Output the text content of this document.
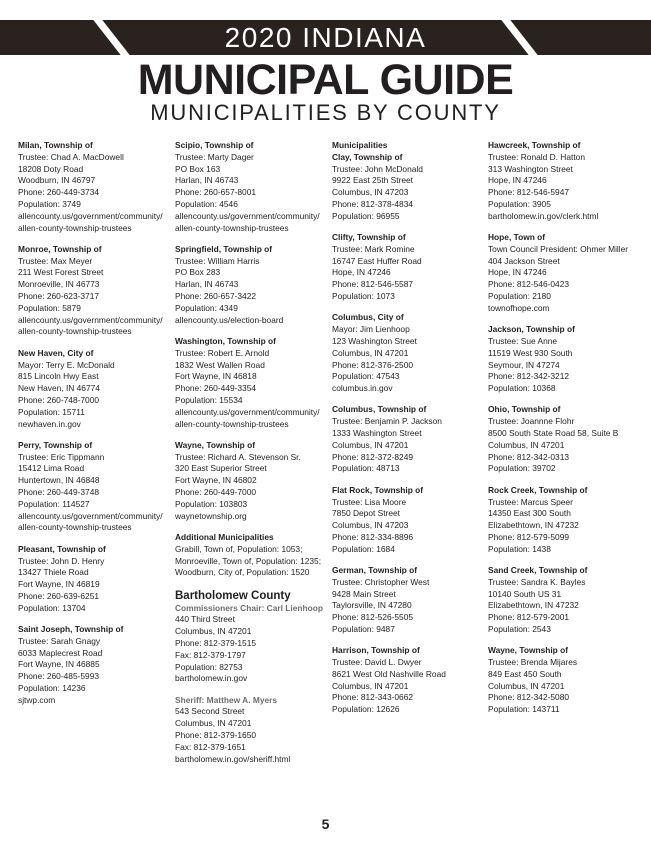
2020 INDIANA
MUNICIPAL GUIDE
MUNICIPALITIES BY COUNTY
Milan, Township of
Trustee: Chad A. MacDowell
18208 Doty Road
Woodburn, IN 46797
Phone: 260-449-3734
Population: 3749
allencounty.us/government/community/
allen-county-township-trustees
Monroe, Township of
Trustee: Max Meyer
211 West Forest Street
Monroeville, IN 46773
Phone: 260-623-3717
Population: 5879
allencounty.us/government/community/
allen-county-township-trustees
New Haven, City of
Mayor: Terry E. McDonald
815 Lincoln Hwy East
New Haven, IN 46774
Phone: 260-748-7000
Population: 15711
newhaven.in.gov
Perry, Township of
Trustee: Eric Tippmann
15412 Lima Road
Huntertown, IN 46848
Phone: 260-449-3748
Population: 114527
allencounty.us/government/community/
allen-county-township-trustees
Pleasant, Township of
Trustee: John D. Henry
13427 Thiele Road
Fort Wayne, IN 46819
Phone: 260-639-6251
Population: 13704
Saint Joseph, Township of
Trustee: Sarah Gnagy
6033 Maplecrest Road
Fort Wayne, IN 46885
Phone: 260-485-5993
Population: 14236
sjtwp.com
Scipio, Township of
Trustee: Marty Dager
PO Box 163
Harlan, IN 46743
Phone: 260-657-8001
Population: 4546
allencounty.us/government/community/
allen-county-township-trustees
Springfield, Township of
Trustee: William Harris
PO Box 283
Harlan, IN 46743
Phone: 260-657-3422
Population: 4349
allencounty.us/election-board
Washington, Township of
Trustee: Robert E. Arnold
1832 West Wallen Road
Fort Wayne, IN 46818
Phone: 260-449-3354
Population: 15534
allencounty.us/government/community/
allen-county-township-trustees
Wayne, Township of
Trustee: Richard A. Stevenson Sr.
320 East Superior Street
Fort Wayne, IN 46802
Phone: 260-449-7000
Population: 103803
waynetownship.org
Additional Municipalities
Grabill, Town of, Population: 1053; Monroeville, Town of, Population: 1235; Woodburn, City of, Population: 1520
Bartholomew County
Commissioners Chair: Carl Lienhoop
440 Third Street
Columbus, IN 47201
Phone: 812-379-1515
Fax: 812-379-1797
Population: 82753
bartholomew.in.gov
Sheriff: Matthew A. Myers
543 Second Street
Columbus, IN 47201
Phone: 812-379-1650
Fax: 812-379-1651
bartholomew.in.gov/sheriff.html
Municipalities
Clay, Township of
Trustee: John McDonald
9922 East 25th Street
Columbus, IN 47203
Phone: 812-378-4834
Population: 96955
Clifty, Township of
Trustee: Mark Romine
16747 East Huffer Road
Hope, IN 47246
Phone: 812-546-5587
Population: 1073
Columbus, City of
Mayor: Jim Lienhoop
123 Washington Street
Columbus, IN 47201
Phone: 812-376-2500
Population: 47543
columbus.in.gov
Columbus, Township of
Trustee: Benjamin P. Jackson
1333 Washington Street
Columbus, IN 47201
Phone: 812-372-8249
Population: 48713
Flat Rock, Township of
Trustee: Lisa Moore
7850 Depot Street
Columbus, IN 47203
Phone: 812-334-8896
Population: 1684
German, Township of
Trustee: Christopher West
9428 Main Street
Taylorsville, IN 47280
Phone: 812-526-5505
Population: 9487
Harrison, Township of
Trustee: David L. Dwyer
8621 West Old Nashville Road
Columbus, IN 47201
Phone: 812-343-0662
Population: 12626
Hawcreek, Township of
Trustee: Ronald D. Hatton
313 Washington Street
Hope, IN 47246
Phone: 812-546-5947
Population: 3905
bartholomew.in.gov/clerk.html
Hope, Town of
Town Council President: Ohmer Miller
404 Jackson Street
Hope, IN 47246
Phone: 812-546-0423
Population: 2180
townofhope.com
Jackson, Township of
Trustee: Sue Anne
11519 West 930 South
Seymour, IN 47274
Phone: 812-342-3212
Population: 10368
Ohio, Township of
Trustee: Joannne Flohr
8500 South State Road 58, Suite B
Columbus, IN 47201
Phone: 812-342-0313
Population: 39702
Rock Creek, Township of
Trustee: Marcus Speer
14350 East 300 South
Elizabethtown, IN 47232
Phone: 812-579-5099
Population: 1438
Sand Creek, Township of
Trustee: Sandra K. Bayles
10140 South US 31
Elizabethtown, IN 47232
Phone: 812-579-2001
Population: 2543
Wayne, Township of
Trustee: Brenda Mijares
849 East 450 South
Columbus, IN 47201
Phone: 812-342-5080
Population: 143711
5
